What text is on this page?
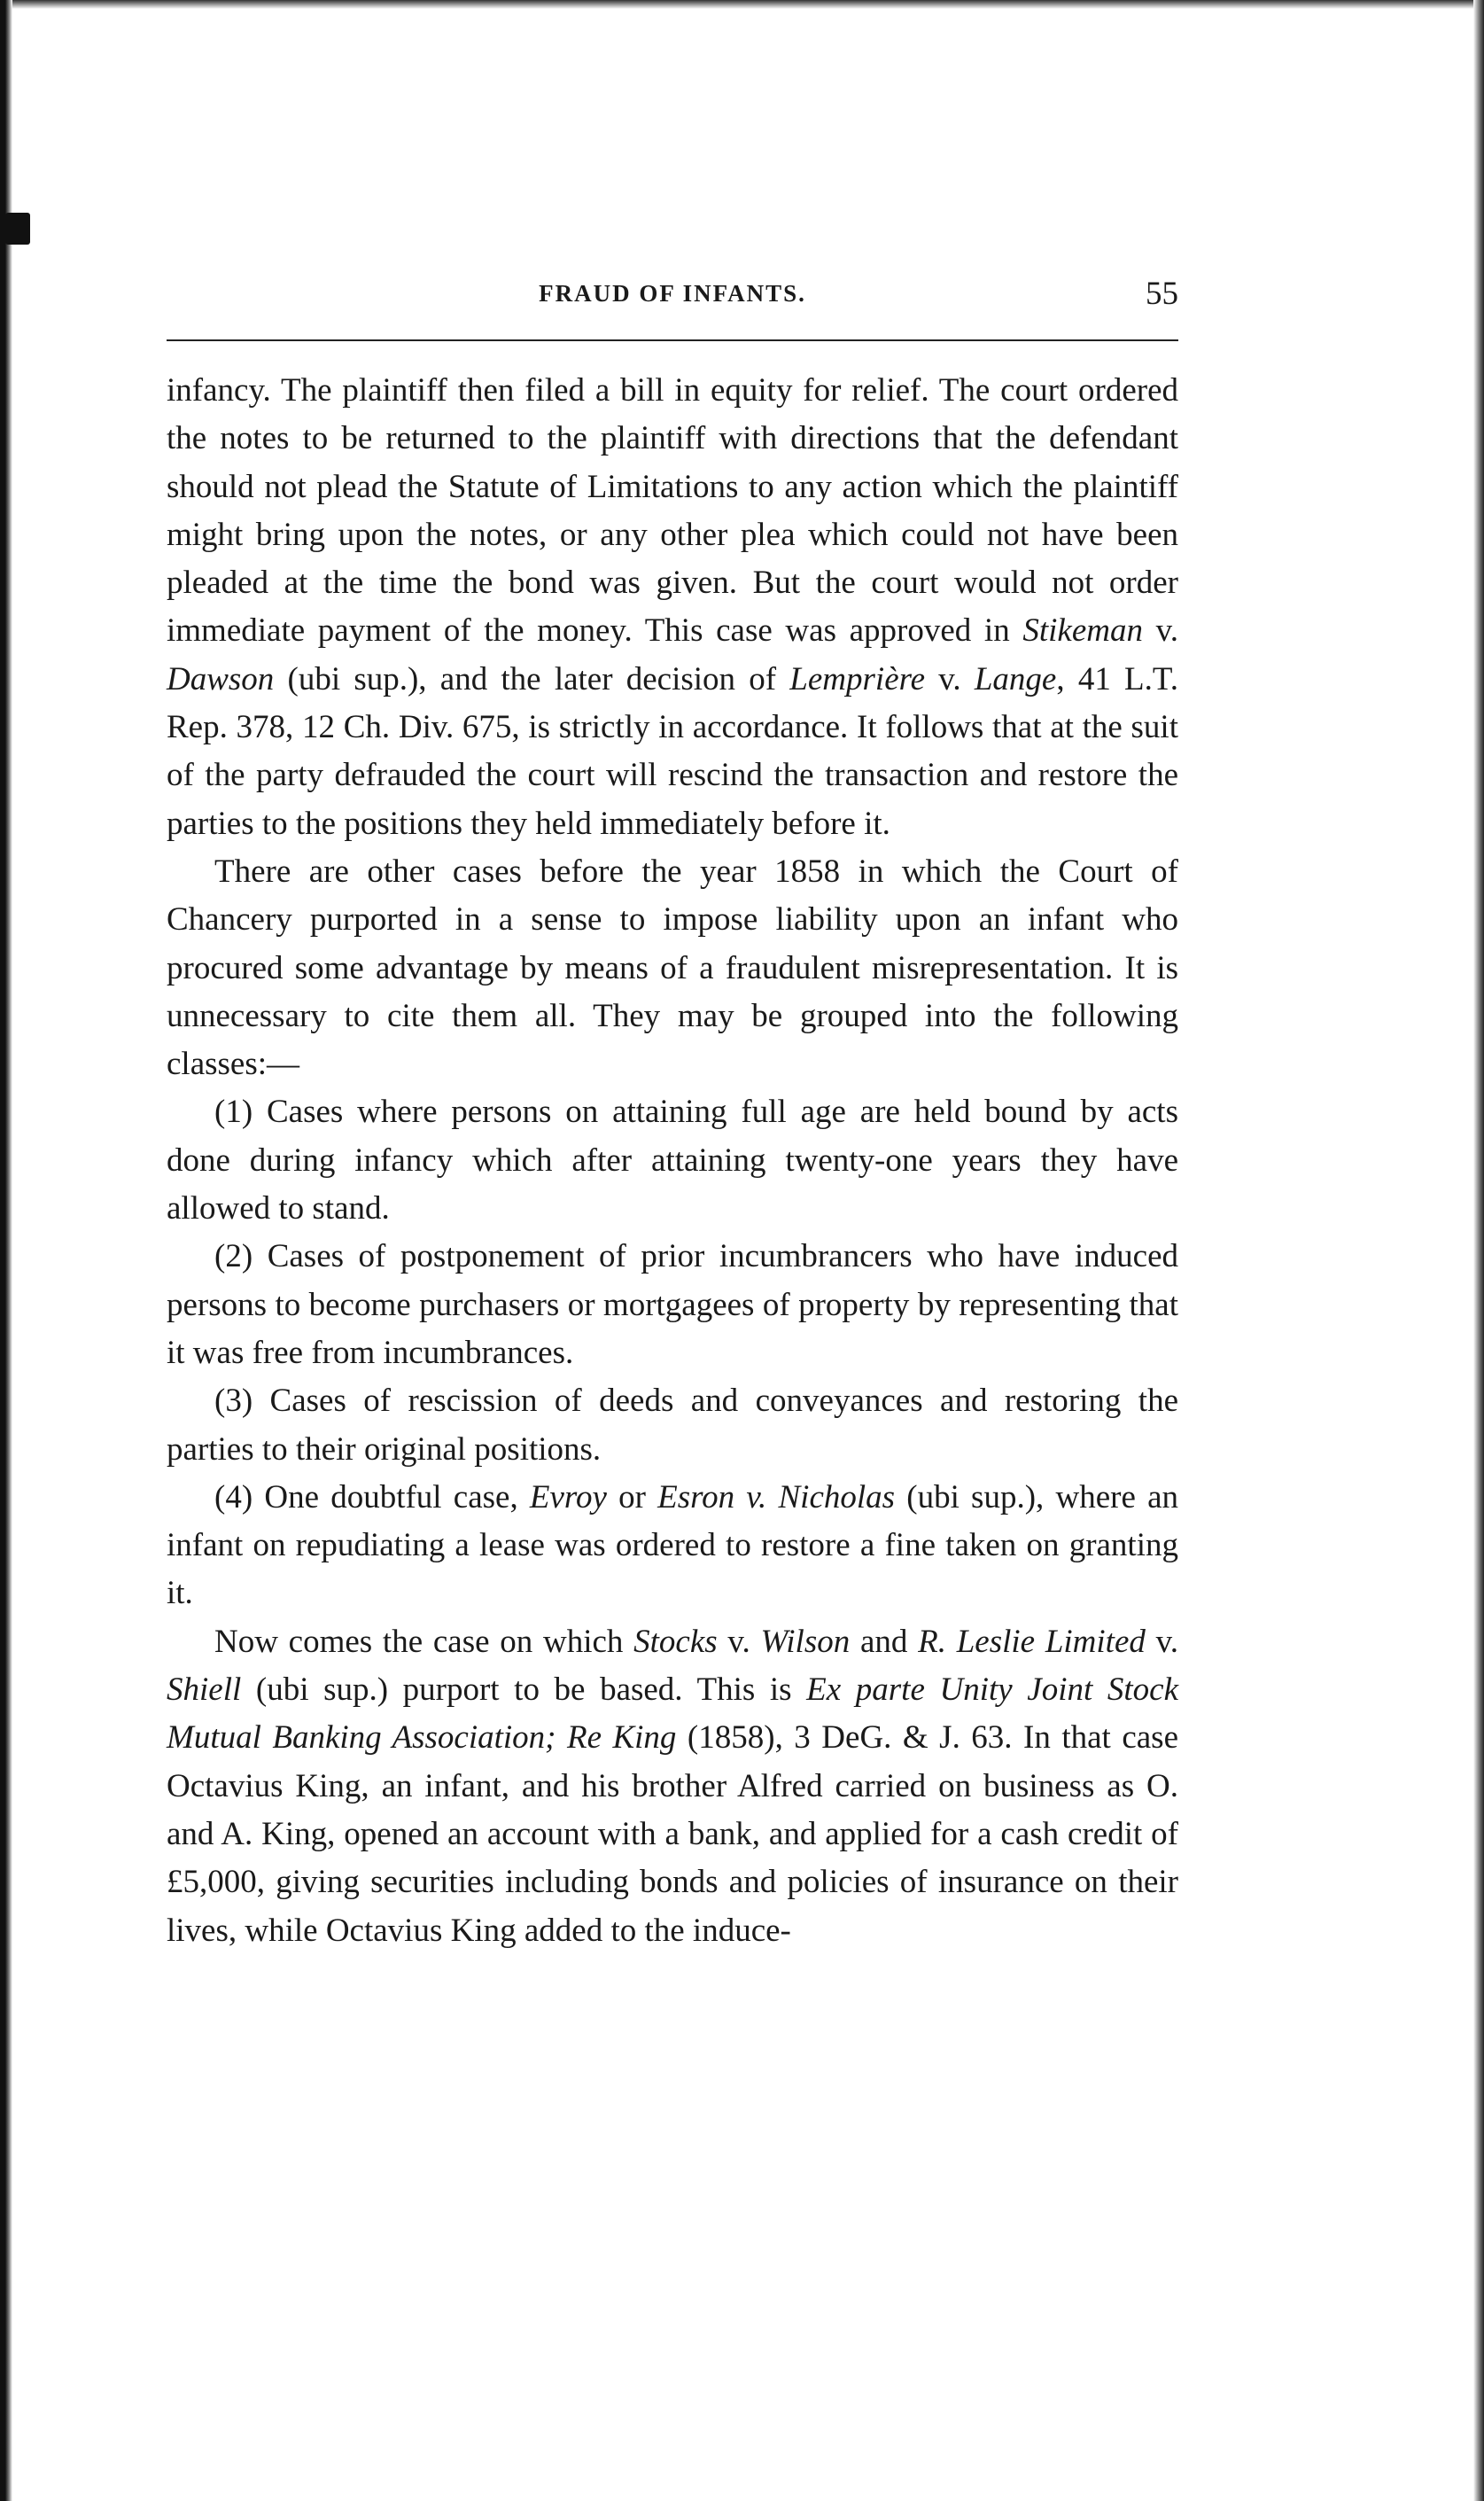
FRAUD OF INFANTS.	55

infancy. The plaintiff then filed a bill in equity for relief. The court ordered the notes to be returned to the plaintiff with directions that the defendant should not plead the Statute of Limitations to any action which the plaintiff might bring upon the notes, or any other plea which could not have been pleaded at the time the bond was given. But the court would not order immediate payment of the money. This case was approved in Stikeman v. Dawson (ubi sup.), and the later decision of Lemprière v. Lange, 41 L.T. Rep. 378, 12 Ch. Div. 675, is strictly in accordance. It follows that at the suit of the party defrauded the court will rescind the transaction and restore the parties to the positions they held immediately before it.

There are other cases before the year 1858 in which the Court of Chancery purported in a sense to impose liability upon an infant who procured some advantage by means of a fraudulent misrepresentation. It is unnecessary to cite them all. They may be grouped into the following classes:—

(1) Cases where persons on attaining full age are held bound by acts done during infancy which after attaining twenty-one years they have allowed to stand.

(2) Cases of postponement of prior incumbrancers who have induced persons to become purchasers or mortgagees of property by representing that it was free from incumbrances.

(3) Cases of rescission of deeds and conveyances and restoring the parties to their original positions.

(4) One doubtful case, Evroy or Esron v. Nicholas (ubi sup.), where an infant on repudiating a lease was ordered to restore a fine taken on granting it.

Now comes the case on which Stocks v. Wilson and R. Leslie Limited v. Shiell (ubi sup.) purport to be based. This is Ex parte Unity Joint Stock Mutual Banking Association; Re King (1858), 3 DeG. & J. 63. In that case Octavius King, an infant, and his brother Alfred carried on business as O. and A. King, opened an account with a bank, and applied for a cash credit of £5,000, giving securities including bonds and policies of insurance on their lives, while Octavius King added to the induce-
